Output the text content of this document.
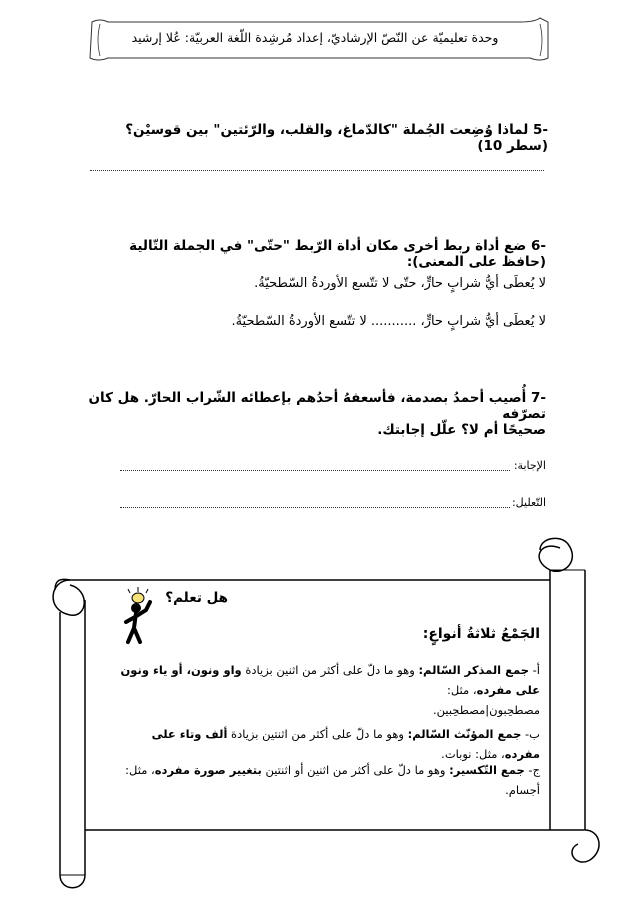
وحدة تعليميّة عن النّصّ الإرشاديّ، إعداد مُرشِدة اللّغة العربيّة: عُلا إرشيد
-5 لماذا وُضِعت الجُملة "كالدّماغ، والقلب، والرّئتين" بين قوسيْن؟ (سطر 10)
-6 ضع أداة ربط أخرى مكان أداة الرّبط "حتّى" في الجملة التّالية (حافظ على المعنى):
لا يُعطَى أيُّ شرابٍ حارٍّ، حتّى لا تتّسع الأوردةُ السّطحيّةُ.
لا يُعطَى أيُّ شرابٍ حارٍّ، ........... لا تتّسع الأوردةُ السّطحيّةُ.
-7 أُصيب أحمدُ بصدمة، فأسعفهُ أحدُهم بإعطائه الشّراب الحارّ. هل كان تصرّفه
صحيحًا أم لا؟ علّل إجابتك.
الإجابة:
التّعليل:
هل تعلم؟
الجَمْعُ ثلاثةُ أنواعٍ:
أ- جمع المذكر السّالم: وهو ما دلّ على أكثر من اثنين بزيادة واو ونون، أو ياء ونون على مفرده، مثل:
مصطحِبون|مصطحِبين.
ب- جمع المؤنّث السّالم: وهو ما دلّ على أكثر من اثنتين بزيادة ألف وتاء على مفرده، مثل: نوبات.
ج- جمع التّكسير: وهو ما دلّ على أكثر من اثنين أو اثنتين بتغيير صورة مفرده، مثل: أجسام.
